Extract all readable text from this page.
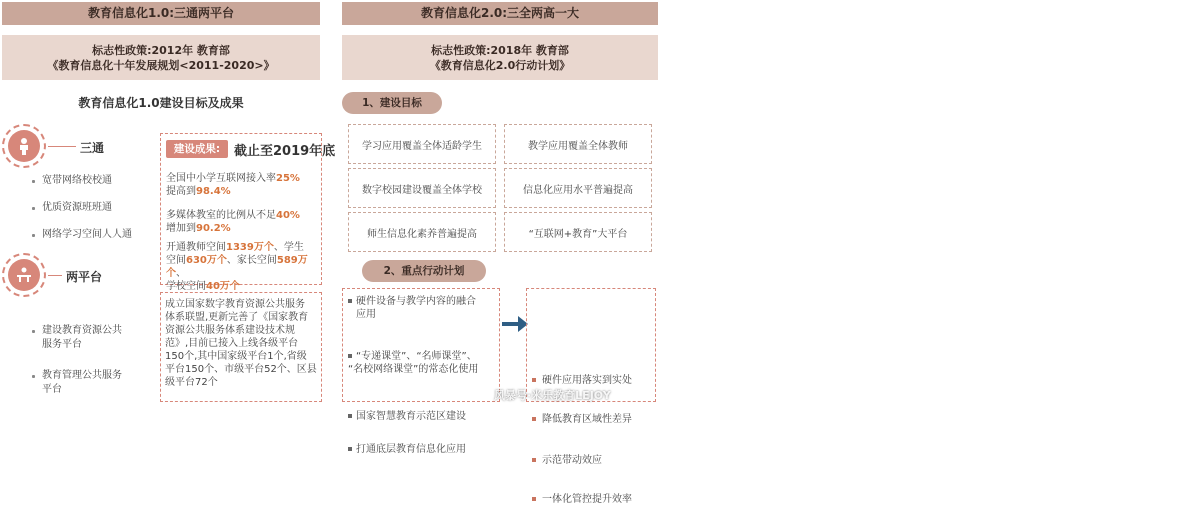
教育信息化1.0:三通两平台
标志性政策:2012年 教育部
《教育信息化十年发展规划<2011-2020>》
教育信息化1.0建设目标及成果
三通
宽带网络校校通
优质资源班班通
网络学习空间人人通
两平台
建设教育资源公共
服务平台
教育管理公共服务
平台
建设成果:	截止至2019年底
全国中小学互联网接入率25%
提高到98.4%
多媒体教室的比例从不足40%
增加到90.2%
开通教师空间1339万个、学生
空间630万个、家长空间589万个、
学校空间40万个
成立国家数字教育资源公共服务
体系联盟,更新完善了《国家教育
资源公共服务体系建设技术规
范》,目前已接入上线各级平台
150个,其中国家级平台1个,省级
平台150个、市级平台52个、区县
级平台72个
教育信息化2.0:三全两高一大
标志性政策:2018年 教育部
《教育信息化2.0行动计划》
1、建设目标
学习应用覆盖全体适龄学生	教学应用覆盖全体教师
数字校园建设覆盖全体学校	信息化应用水平普遍提高
师生信息化素养普遍提高	“互联网+教育”大平台
2、重点行动计划
硬件设备与教学内容的融合
应用
“专递课堂”、“名师课堂”、
“名校网络课堂”的常态化使用
国家智慧教育示范区建设
打通底层教育信息化应用
硬件应用落实到实处
降低教育区域性差异
示范带动效应
一体化管控提升效率
风暴号·米乐教育LEJOY
